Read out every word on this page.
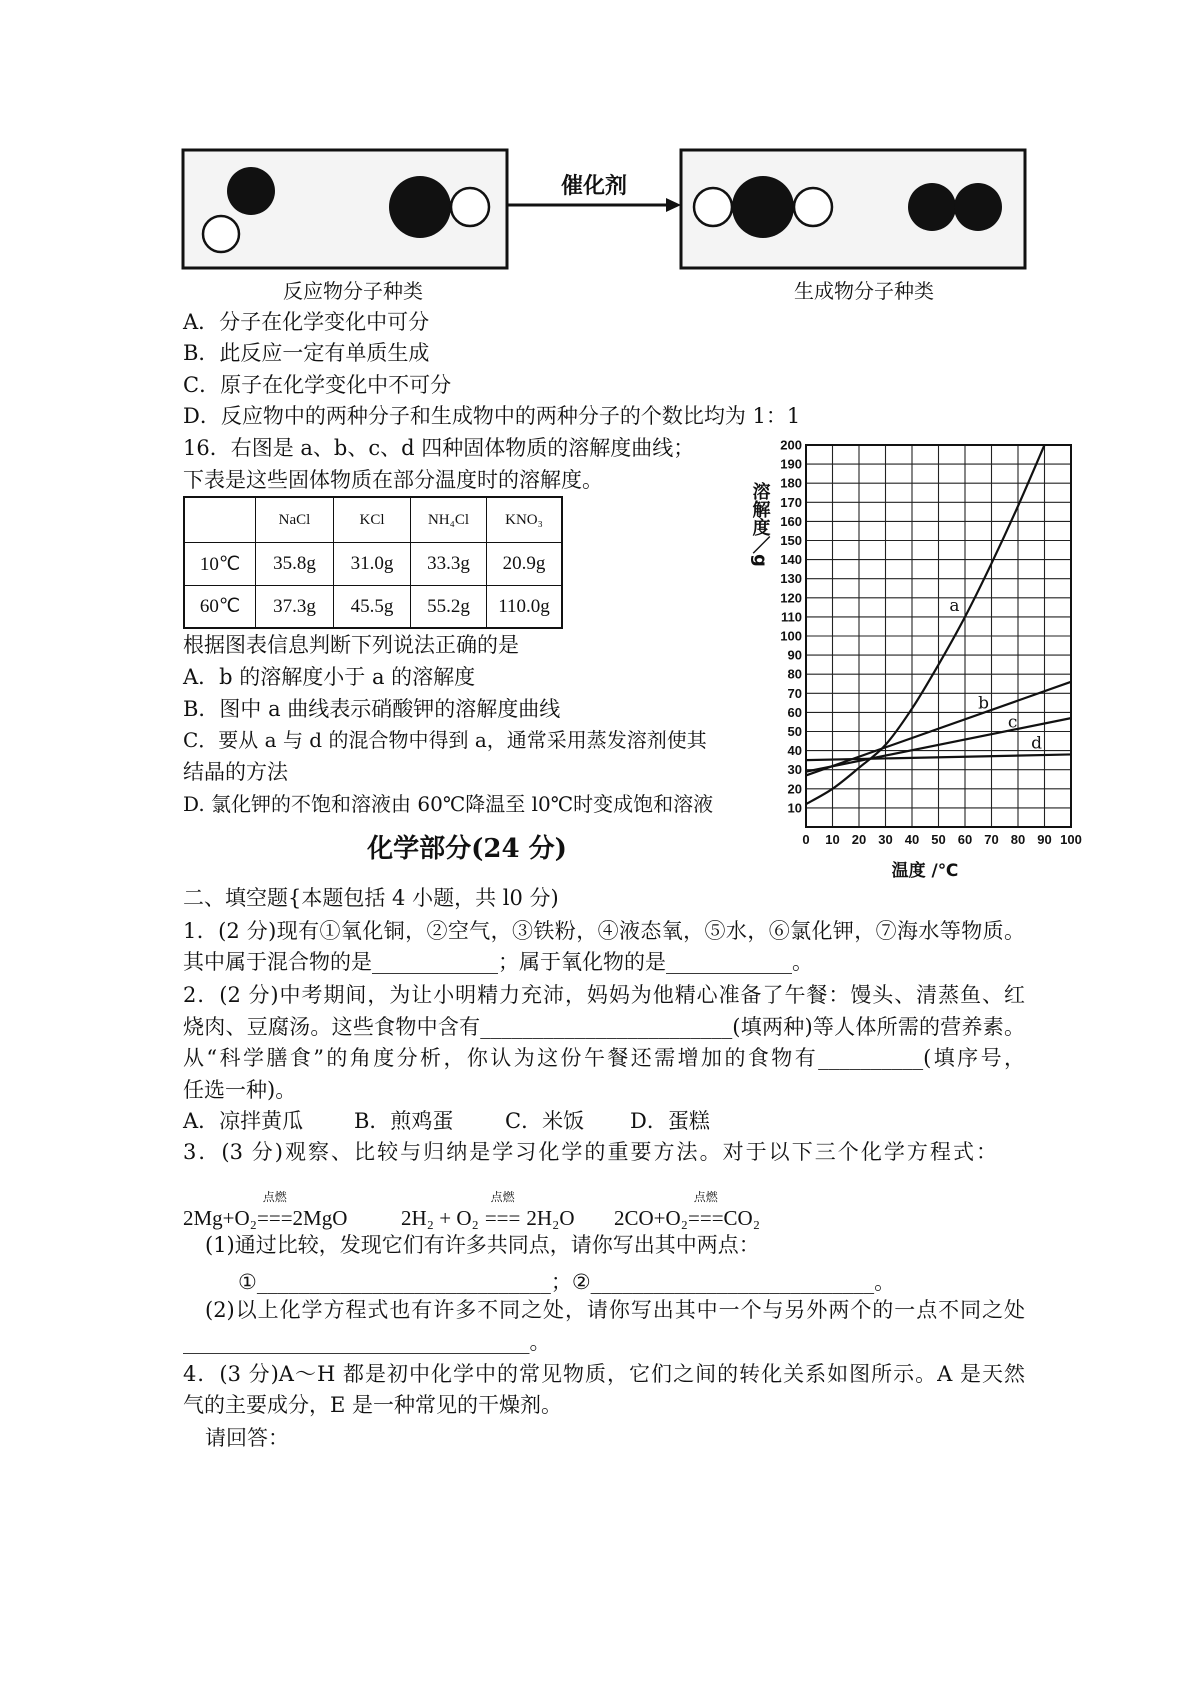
催化剂
反应物分子种类	生成物分子种类
A．分子在化学变化中可分
B．此反应一定有单质生成
C．原子在化学变化中不可分
D．反应物中的两种分子和生成物中的两种分子的个数比均为 1：1
16．右图是 a、b、c、d 四种固体物质的溶解度曲线；
下表是这些固体物质在部分温度时的溶解度。
	NaCl	KCl	NH₄Cl	KNO₃
10℃	35.8g	31.0g	33.3g	20.9g
60℃	37.3g	45.5g	55.2g	110.0g
根据图表信息判断下列说法正确的是
A．b 的溶解度小于 a 的溶解度
B．图中 a 曲线表示硝酸钾的溶解度曲线
C．要从 a 与 d 的混合物中得到 a，通常采用蒸发溶剂使其
结晶的方法
D. 氯化钾的不饱和溶液由 60℃降温至 l0℃时变成饱和溶液
溶解度／g
温度 /℃
0 10 20 30 40 50 60 70 80 90 100
10
20
30
40
50
60
70
80
90
100
110
120
130
140
150
160
170
180
190
200
a
b
c
d
化学部分(24 分)
二、填空题{本题包括 4 小题，共 l0 分)
1．(2 分)现有①氧化铜，②空气，③铁粉，④液态氧，⑤水，⑥氯化钾，⑦海水等物质。
其中属于混合物的是____________；属于氧化物的是____________。
2．(2 分)中考期间，为让小明精力充沛，妈妈为他精心准备了午餐：馒头、清蒸鱼、红
烧肉、豆腐汤。这些食物中含有________________________(填两种)等人体所需的营养素。
从“科学膳食”的角度分析，你认为这份午餐还需增加的食物有__________(填序号，
任选一种)。
A．凉拌黄瓜 B．煎鸡蛋 C．米饭 D．蛋糕
3．(3 分)观察、比较与归纳是学习化学的重要方法。对于以下三个化学方程式：
2Mg+O₂
点燃
===2MgO	2H₂ + O₂
点燃
=== 2H₂O 2CO+O₂
点燃
===CO₂
(1)通过比较，发现它们有许多共同点，请你写出其中两点：
①____________________________；②___________________________。
(2)以上化学方程式也有许多不同之处，请你写出其中一个与另外两个的一点不同之处
_________________________________。
4．(3 分)A～H 都是初中化学中的常见物质，它们之间的转化关系如图所示。A 是天然
气的主要成分，E 是一种常见的干燥剂。
请回答：
